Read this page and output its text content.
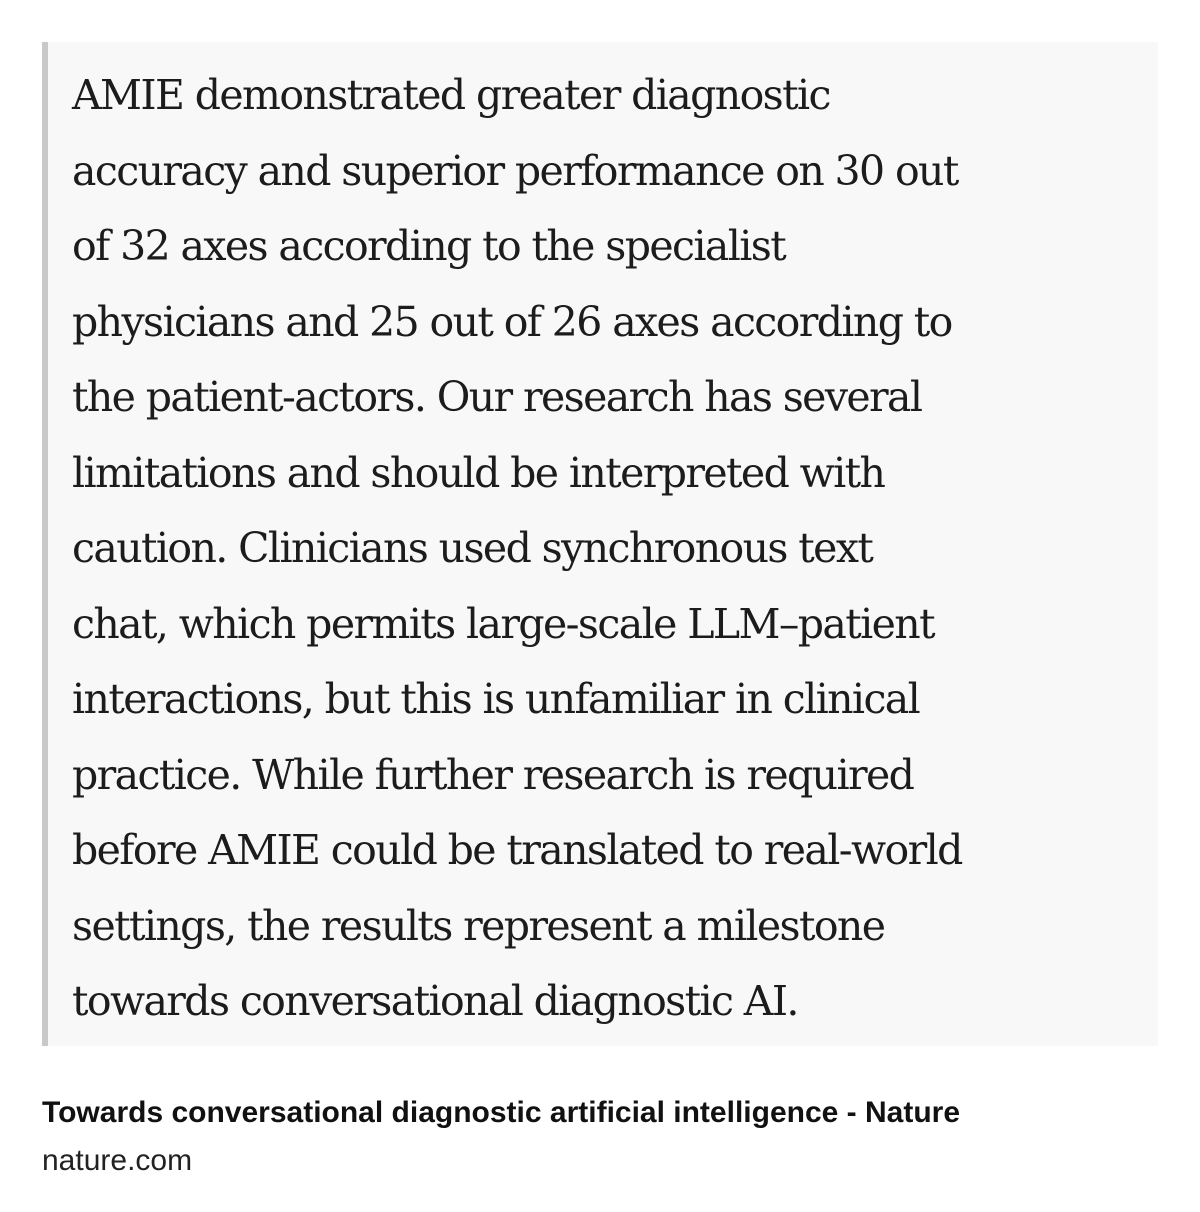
AMIE demonstrated greater diagnostic
accuracy and superior performance on 30 out
of 32 axes according to the specialist
physicians and 25 out of 26 axes according to
the patient-actors. Our research has several
limitations and should be interpreted with
caution. Clinicians used synchronous text
chat, which permits large-scale LLM–patient
interactions, but this is unfamiliar in clinical
practice. While further research is required
before AMIE could be translated to real-world
settings, the results represent a milestone
towards conversational diagnostic AI.

Towards conversational diagnostic artificial intelligence - Nature
nature.com
